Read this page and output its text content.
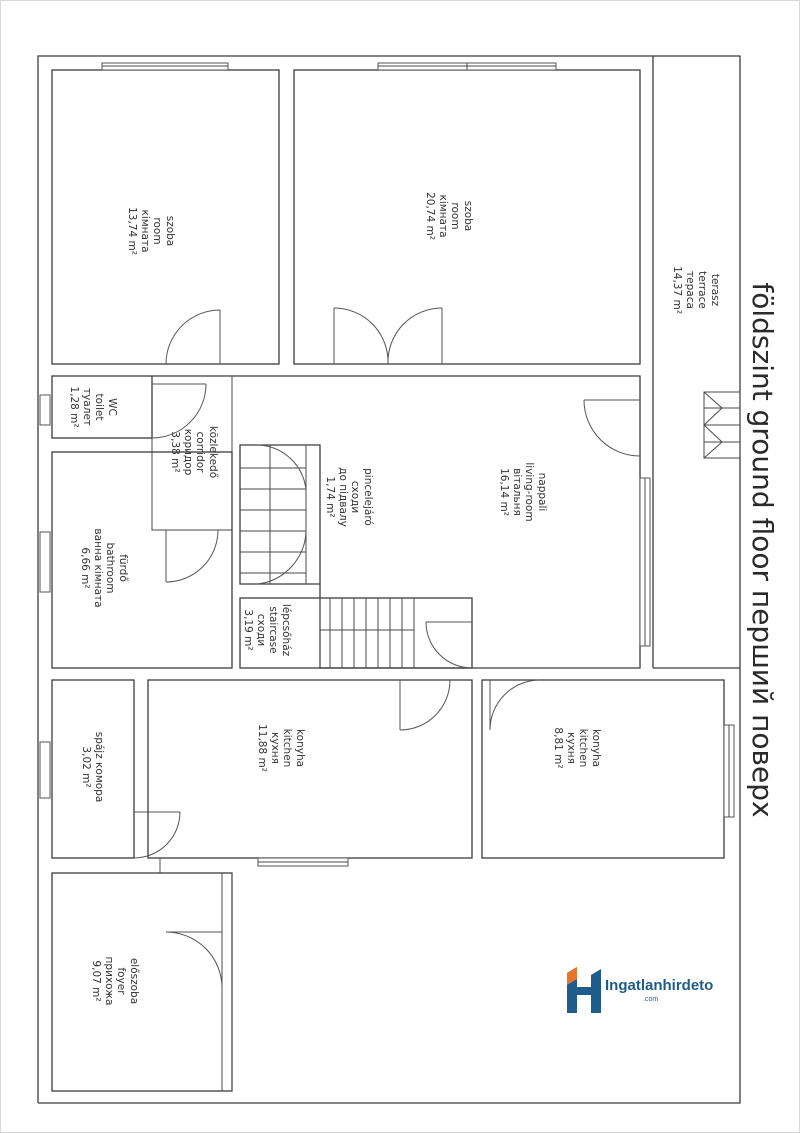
szoba
room
кімната
13,74 m²	szoba
room
кімната
20,74 m²
terasz
terrace
тераса
14,37 m²
WC
toilet
туалет
1,28 m²
közlekedő
corridor
коридор
3,38 m²
pincelejáró
сходи
до підвалу
1,74 m²	nappali
living-room
вітальня
16,14 m²
fürdő
bathroom
ванна кімната
6,66 m²
lépcsőház
staircase
сходи
3,19 m²
spájz комора
3,02 m²	konyha
kitchen
кухня
11,88 m²	konyha
kitchen
кухня
8,81 m²
előszoba
foyer
прихожа
9,07 m²
földszint ground floor перший поверх
Ingatlanhirdeto
.com
